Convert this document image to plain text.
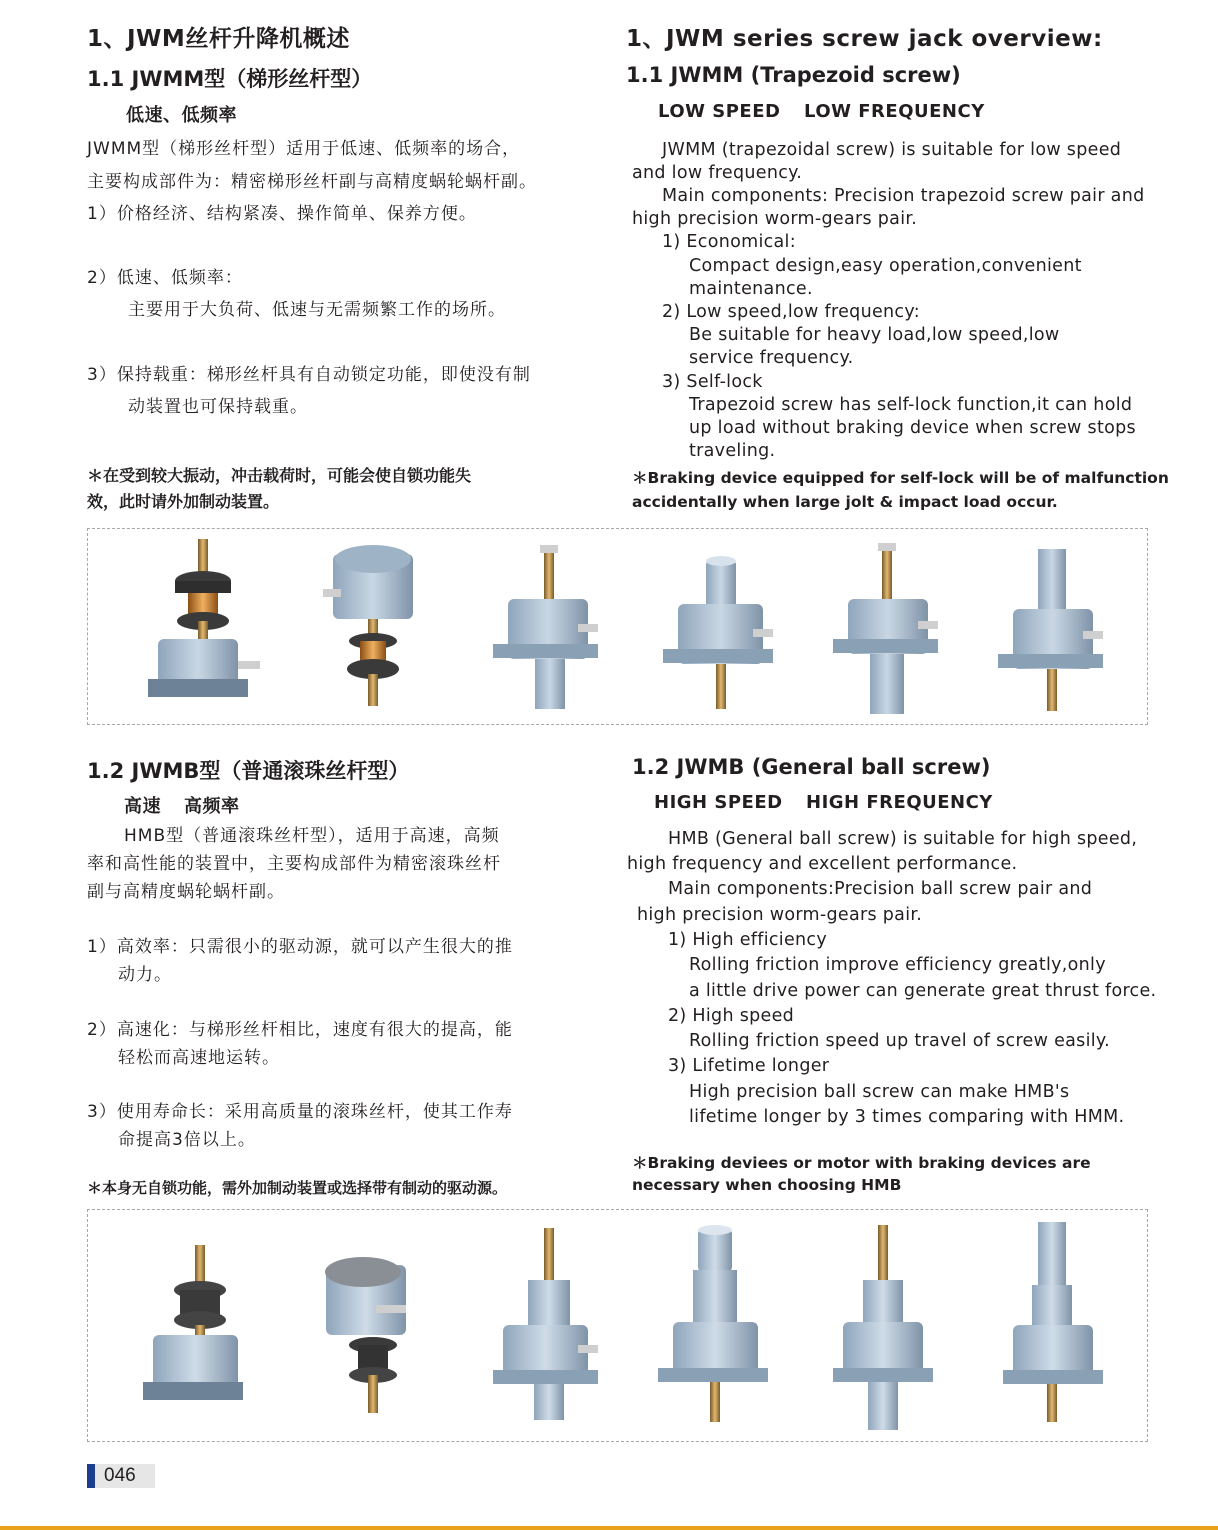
1、JWM丝杆升降机概述
1.1 JWMM型（梯形丝杆型）
低速、低频率
JWMM型（梯形丝杆型）适用于低速、低频率的场合，
主要构成部件为：精密梯形丝杆副与高精度蜗轮蜗杆副。
1）价格经济、结构紧凑、操作简单、保养方便。
2）低速、低频率：
主要用于大负荷、低速与无需频繁工作的场所。
3）保持载重：梯形丝杆具有自动锁定功能，即使没有制
动装置也可保持载重。
＊在受到较大振动，冲击载荷时，可能会使自锁功能失
效，此时请外加制动装置。
1、JWM series screw jack overview:
1.1 JWMM (Trapezoid screw)
LOW SPEED LOW FREQUENCY
JWMM (trapezoidal screw) is suitable for low speed
and low frequency.
Main components: Precision trapezoid screw pair and
high precision worm-gears pair.
1) Economical:
Compact design,easy operation,convenient
maintenance.
2) Low speed,low frequency:
Be suitable for heavy load,low speed,low
service frequency.
3) Self-lock
Trapezoid screw has self-lock function,it can hold
up load without braking device when screw stops
traveling.
＊Braking device equipped for self-lock will be of malfunction
accidentally when large jolt & impact load occur.
1.2 JWMB型（普通滚珠丝杆型）
高速 高频率
HMB型（普通滚珠丝杆型），适用于高速，高频
率和高性能的装置中，主要构成部件为精密滚珠丝杆
副与高精度蜗轮蜗杆副。
1）高效率：只需很小的驱动源，就可以产生很大的推
动力。
2）高速化：与梯形丝杆相比，速度有很大的提高，能
轻松而高速地运转。
3）使用寿命长：采用高质量的滚珠丝杆，使其工作寿
命提高3倍以上。
＊本身无自锁功能，需外加制动装置或选择带有制动的驱动源。
1.2 JWMB (General ball screw)
HIGH SPEED HIGH FREQUENCY
HMB (General ball screw) is suitable for high speed,
high frequency and excellent performance.
Main components:Precision ball screw pair and
high precision worm-gears pair.
1) High efficiency
Rolling friction improve efficiency greatly,only
a little drive power can generate great thrust force.
2) High speed
Rolling friction speed up travel of screw easily.
3) Lifetime longer
High precision ball screw can make HMB's
lifetime longer by 3 times comparing with HMM.
＊Braking deviees or motor with braking devices are
necessary when choosing HMB
046
